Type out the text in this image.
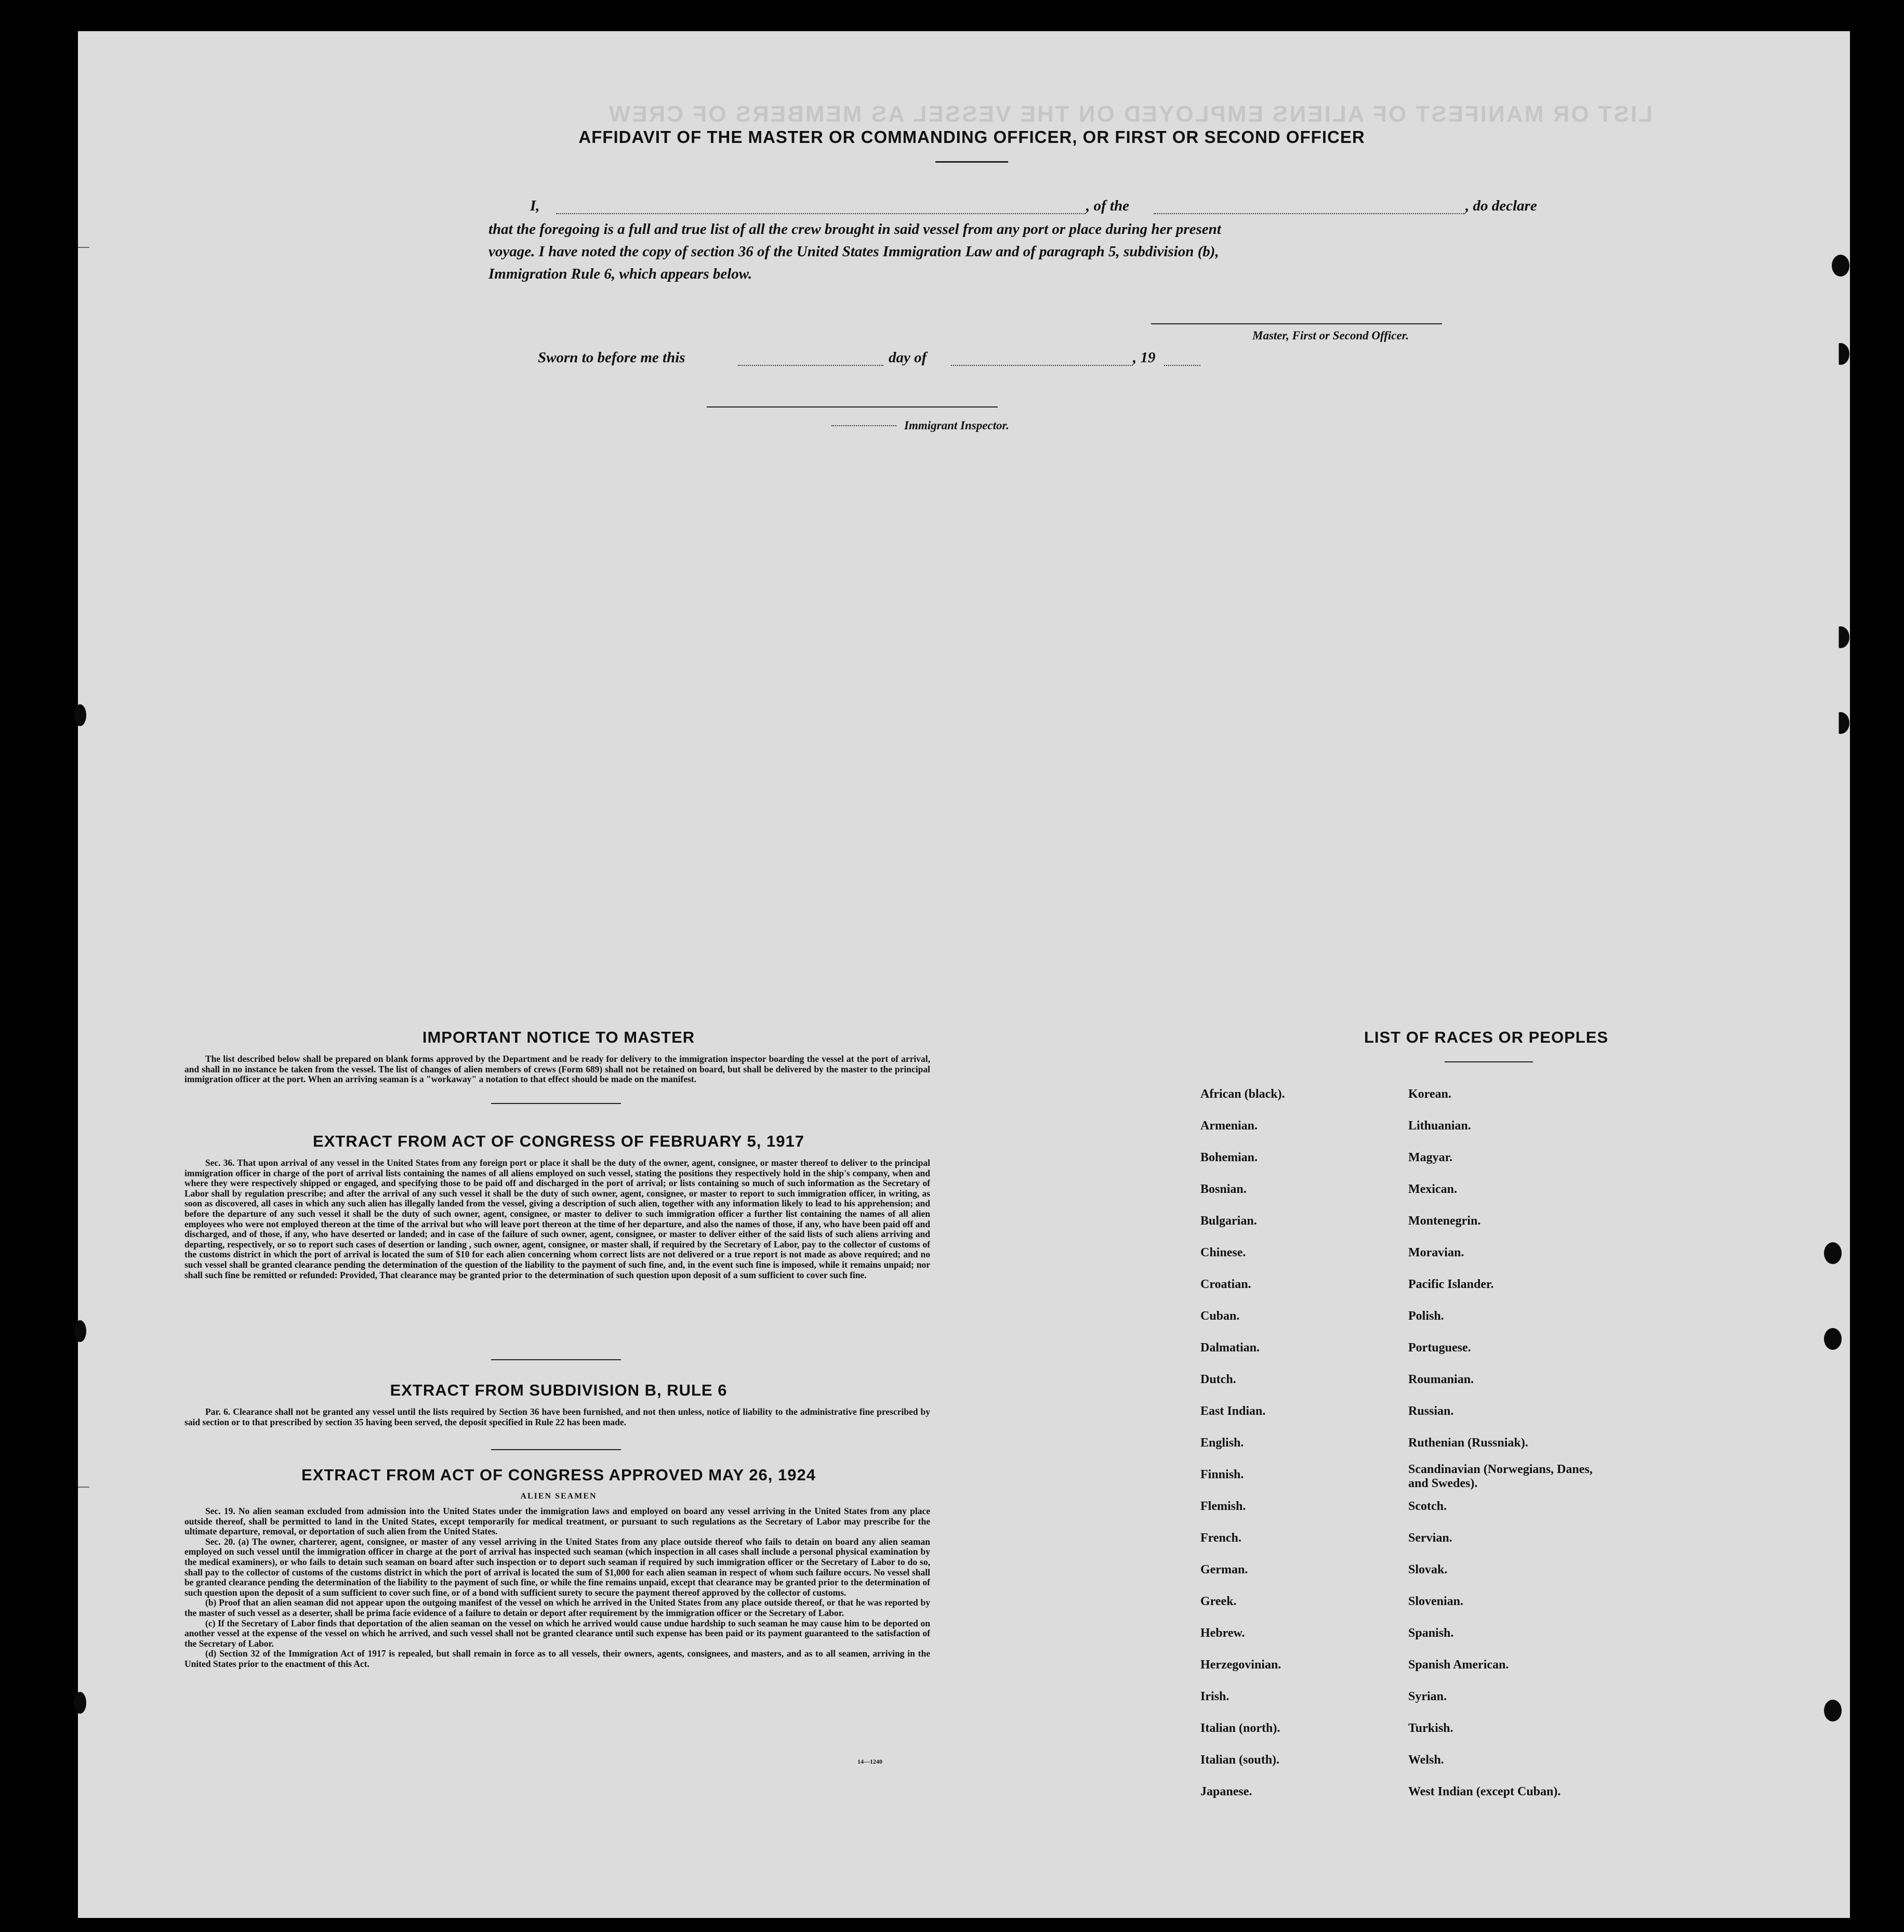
LIST OR MANIFEST OF ALIENS EMPLOYED ON THE VESSEL AS MEMBERS OF CREW
AFFIDAVIT OF THE MASTER OR COMMANDING OFFICER, OR FIRST OR SECOND OFFICER
I,	, of the	, do declare
that the foregoing is a full and true list of all the crew brought in said vessel from any port or place during her present
voyage. I have noted the copy of section 36 of the United States Immigration Law and of paragraph 5, subdivision (b),
Immigration Rule 6, which appears below.
Master, First or Second Officer.
Sworn to before me this	day of	, 19
Immigrant Inspector.
IMPORTANT NOTICE TO MASTER

The list described below shall be prepared on blank forms approved by the Department and be ready for delivery to the immigration inspector boarding the vessel at the port of arrival, and shall in no instance be taken from the vessel. The list of changes of alien members of crews (Form 689) shall not be retained on board, but shall be delivered by the master to the principal immigration officer at the port. When an arriving seaman is a "workaway" a notation to that effect should be made on the manifest.

EXTRACT FROM ACT OF CONGRESS OF FEBRUARY 5, 1917

Sec. 36. That upon arrival of any vessel in the United States from any foreign port or place it shall be the duty of the owner, agent, consignee, or master thereof to deliver to the principal immigration officer in charge of the port of arrival lists containing the names of all aliens employed on such vessel, stating the positions they respectively hold in the ship's company, when and where they were respectively shipped or engaged, and specifying those to be paid off and discharged in the port of arrival; or lists containing so much of such information as the Secretary of Labor shall by regulation prescribe; and after the arrival of any such vessel it shall be the duty of such owner, agent, consignee, or master to report to such immigration officer, in writing, as soon as discovered, all cases in which any such alien has illegally landed from the vessel, giving a description of such alien, together with any information likely to lead to his apprehension; and before the departure of any such vessel it shall be the duty of such owner, agent, consignee, or master to deliver to such immigration officer a further list containing the names of all alien employees who were not employed thereon at the time of the arrival but who will leave port thereon at the time of her departure, and also the names of those, if any, who have been paid off and discharged, and of those, if any, who have deserted or landed; and in case of the failure of such owner, agent, consignee, or master to deliver either of the said lists of such aliens arriving and departing, respectively, or so to report such cases of desertion or landing , such owner, agent, consignee, or master shall, if required by the Secretary of Labor, pay to the collector of customs of the customs district in which the port of arrival is located the sum of $10 for each alien concerning whom correct lists are not delivered or a true report is not made as above required; and no such vessel shall be granted clearance pending the determination of the question of the liability to the payment of such fine, and, in the event such fine is imposed, while it remains unpaid; nor shall such fine be remitted or refunded: Provided, That clearance may be granted prior to the determination of such question upon deposit of a sum sufficient to cover such fine.

EXTRACT FROM SUBDIVISION B, RULE 6

Par. 6. Clearance shall not be granted any vessel until the lists required by Section 36 have been furnished, and not then unless, notice of liability to the administrative fine prescribed by said section or to that prescribed by section 35 having been served, the deposit specified in Rule 22 has been made.

EXTRACT FROM ACT OF CONGRESS APPROVED MAY 26, 1924
ALIEN SEAMEN

Sec. 19. No alien seaman excluded from admission into the United States under the immigration laws and employed on board any vessel arriving in the United States from any place outside thereof, shall be permitted to land in the United States, except temporarily for medical treatment, or pursuant to such regulations as the Secretary of Labor may prescribe for the ultimate departure, removal, or deportation of such alien from the United States.

Sec. 20. (a) The owner, charterer, agent, consignee, or master of any vessel arriving in the United States from any place outside thereof who fails to detain on board any alien seaman employed on such vessel until the immigration officer in charge at the port of arrival has inspected such seaman (which inspection in all cases shall include a personal physical examination by the medical examiners), or who fails to detain such seaman on board after such inspection or to deport such seaman if required by such immigration officer or the Secretary of Labor to do so, shall pay to the collector of customs of the customs district in which the port of arrival is located the sum of $1,000 for each alien seaman in respect of whom such failure occurs. No vessel shall be granted clearance pending the determination of the liability to the payment of such fine, or while the fine remains unpaid, except that clearance may be granted prior to the determination of such question upon the deposit of a sum sufficient to cover such fine, or of a bond with sufficient surety to secure the payment thereof approved by the collector of customs.

(b) Proof that an alien seaman did not appear upon the outgoing manifest of the vessel on which he arrived in the United States from any place outside thereof, or that he was reported by the master of such vessel as a deserter, shall be prima facie evidence of a failure to detain or deport after requirement by the immigration officer or the Secretary of Labor.

(c) If the Secretary of Labor finds that deportation of the alien seaman on the vessel on which he arrived would cause undue hardship to such seaman he may cause him to be deported on another vessel at the expense of the vessel on which he arrived, and such vessel shall not be granted clearance until such expense has been paid or its payment guaranteed to the satisfaction of the Secretary of Labor.

(d) Section 32 of the Immigration Act of 1917 is repealed, but shall remain in force as to all vessels, their owners, agents, consignees, and masters, and as to all seamen, arriving in the United States prior to the enactment of this Act.

14—1240
LIST OF RACES OR PEOPLES
African (black).
Armenian.
Bohemian.
Bosnian.
Bulgarian.
Chinese.
Croatian.
Cuban.
Dalmatian.
Dutch.
East Indian.
English.
Finnish.
Flemish.
French.
German.
Greek.
Hebrew.
Herzegovinian.
Irish.
Italian (north).
Italian (south).
Japanese.
Korean.
Lithuanian.
Magyar.
Mexican.
Montenegrin.
Moravian.
Pacific Islander.
Polish.
Portuguese.
Roumanian.
Russian.
Ruthenian (Russniak).
Scandinavian (Norwegians, Danes, and Swedes).
Scotch.
Servian.
Slovak.
Slovenian.
Spanish.
Spanish American.
Syrian.
Turkish.
Welsh.
West Indian (except Cuban).
